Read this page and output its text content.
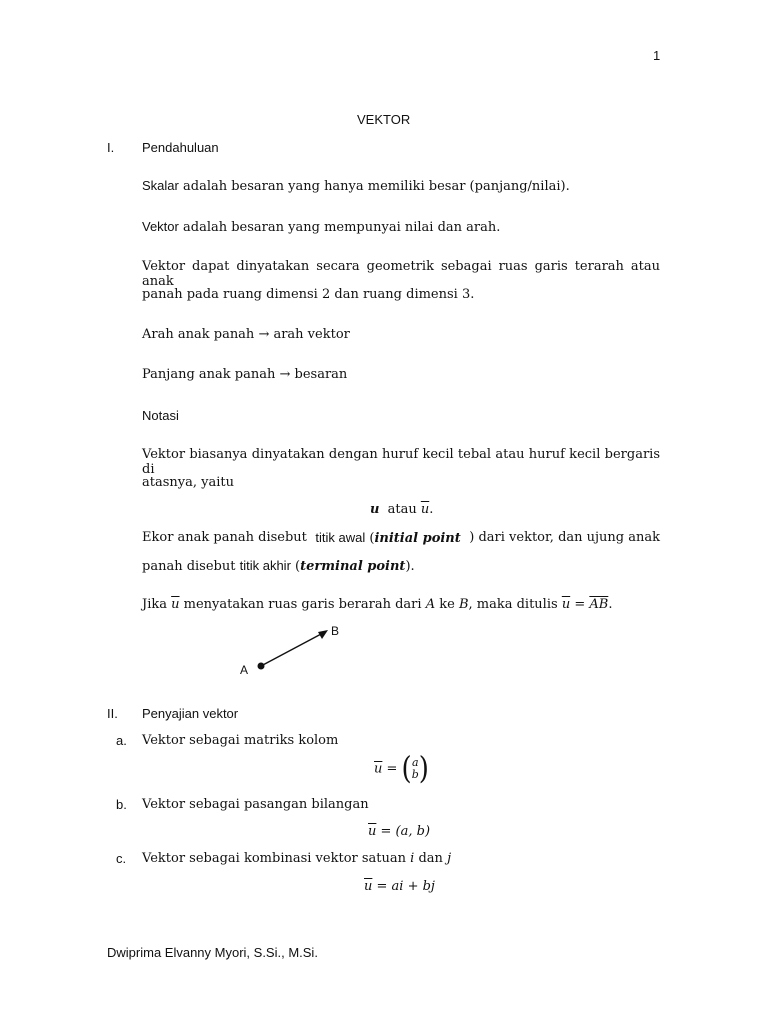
1
VEKTOR
I. Pendahuluan
Skalar adalah besaran yang hanya memiliki besar (panjang/nilai).
Vektor adalah besaran yang mempunyai nilai dan arah.
Vektor dapat dinyatakan secara geometrik sebagai ruas garis terarah atau anak
panah pada ruang dimensi 2 dan ruang dimensi 3.
Arah anak panah → arah vektor
Panjang anak panah → besaran
Notasi
Vektor biasanya dinyatakan dengan huruf kecil tebal atau huruf kecil bergaris di
atasnya, yaitu
u atau $\overline{u}$.
Ekor anak panah disebut titik awal (initial point ) dari vektor, dan ujung anak
panah disebut titik akhir (terminal point).
Jika $\overline{u}$ menyatakan ruas garis berarah dari A ke B, maka ditulis $\overline{u} = \overline{AB}$.
A
B
II. Penyajian vektor
a. Vektor sebagai matriks kolom
$\overline{u} = (a$
b)
b. Vektor sebagai pasangan bilangan
$\overline{u} = (a$, b)
c. Vektor sebagai kombinasi vektor satuan i dan j
$\overline{u}$ = ai + bj
Dwiprima Elvanny Myori, S.Si., M.Si.
